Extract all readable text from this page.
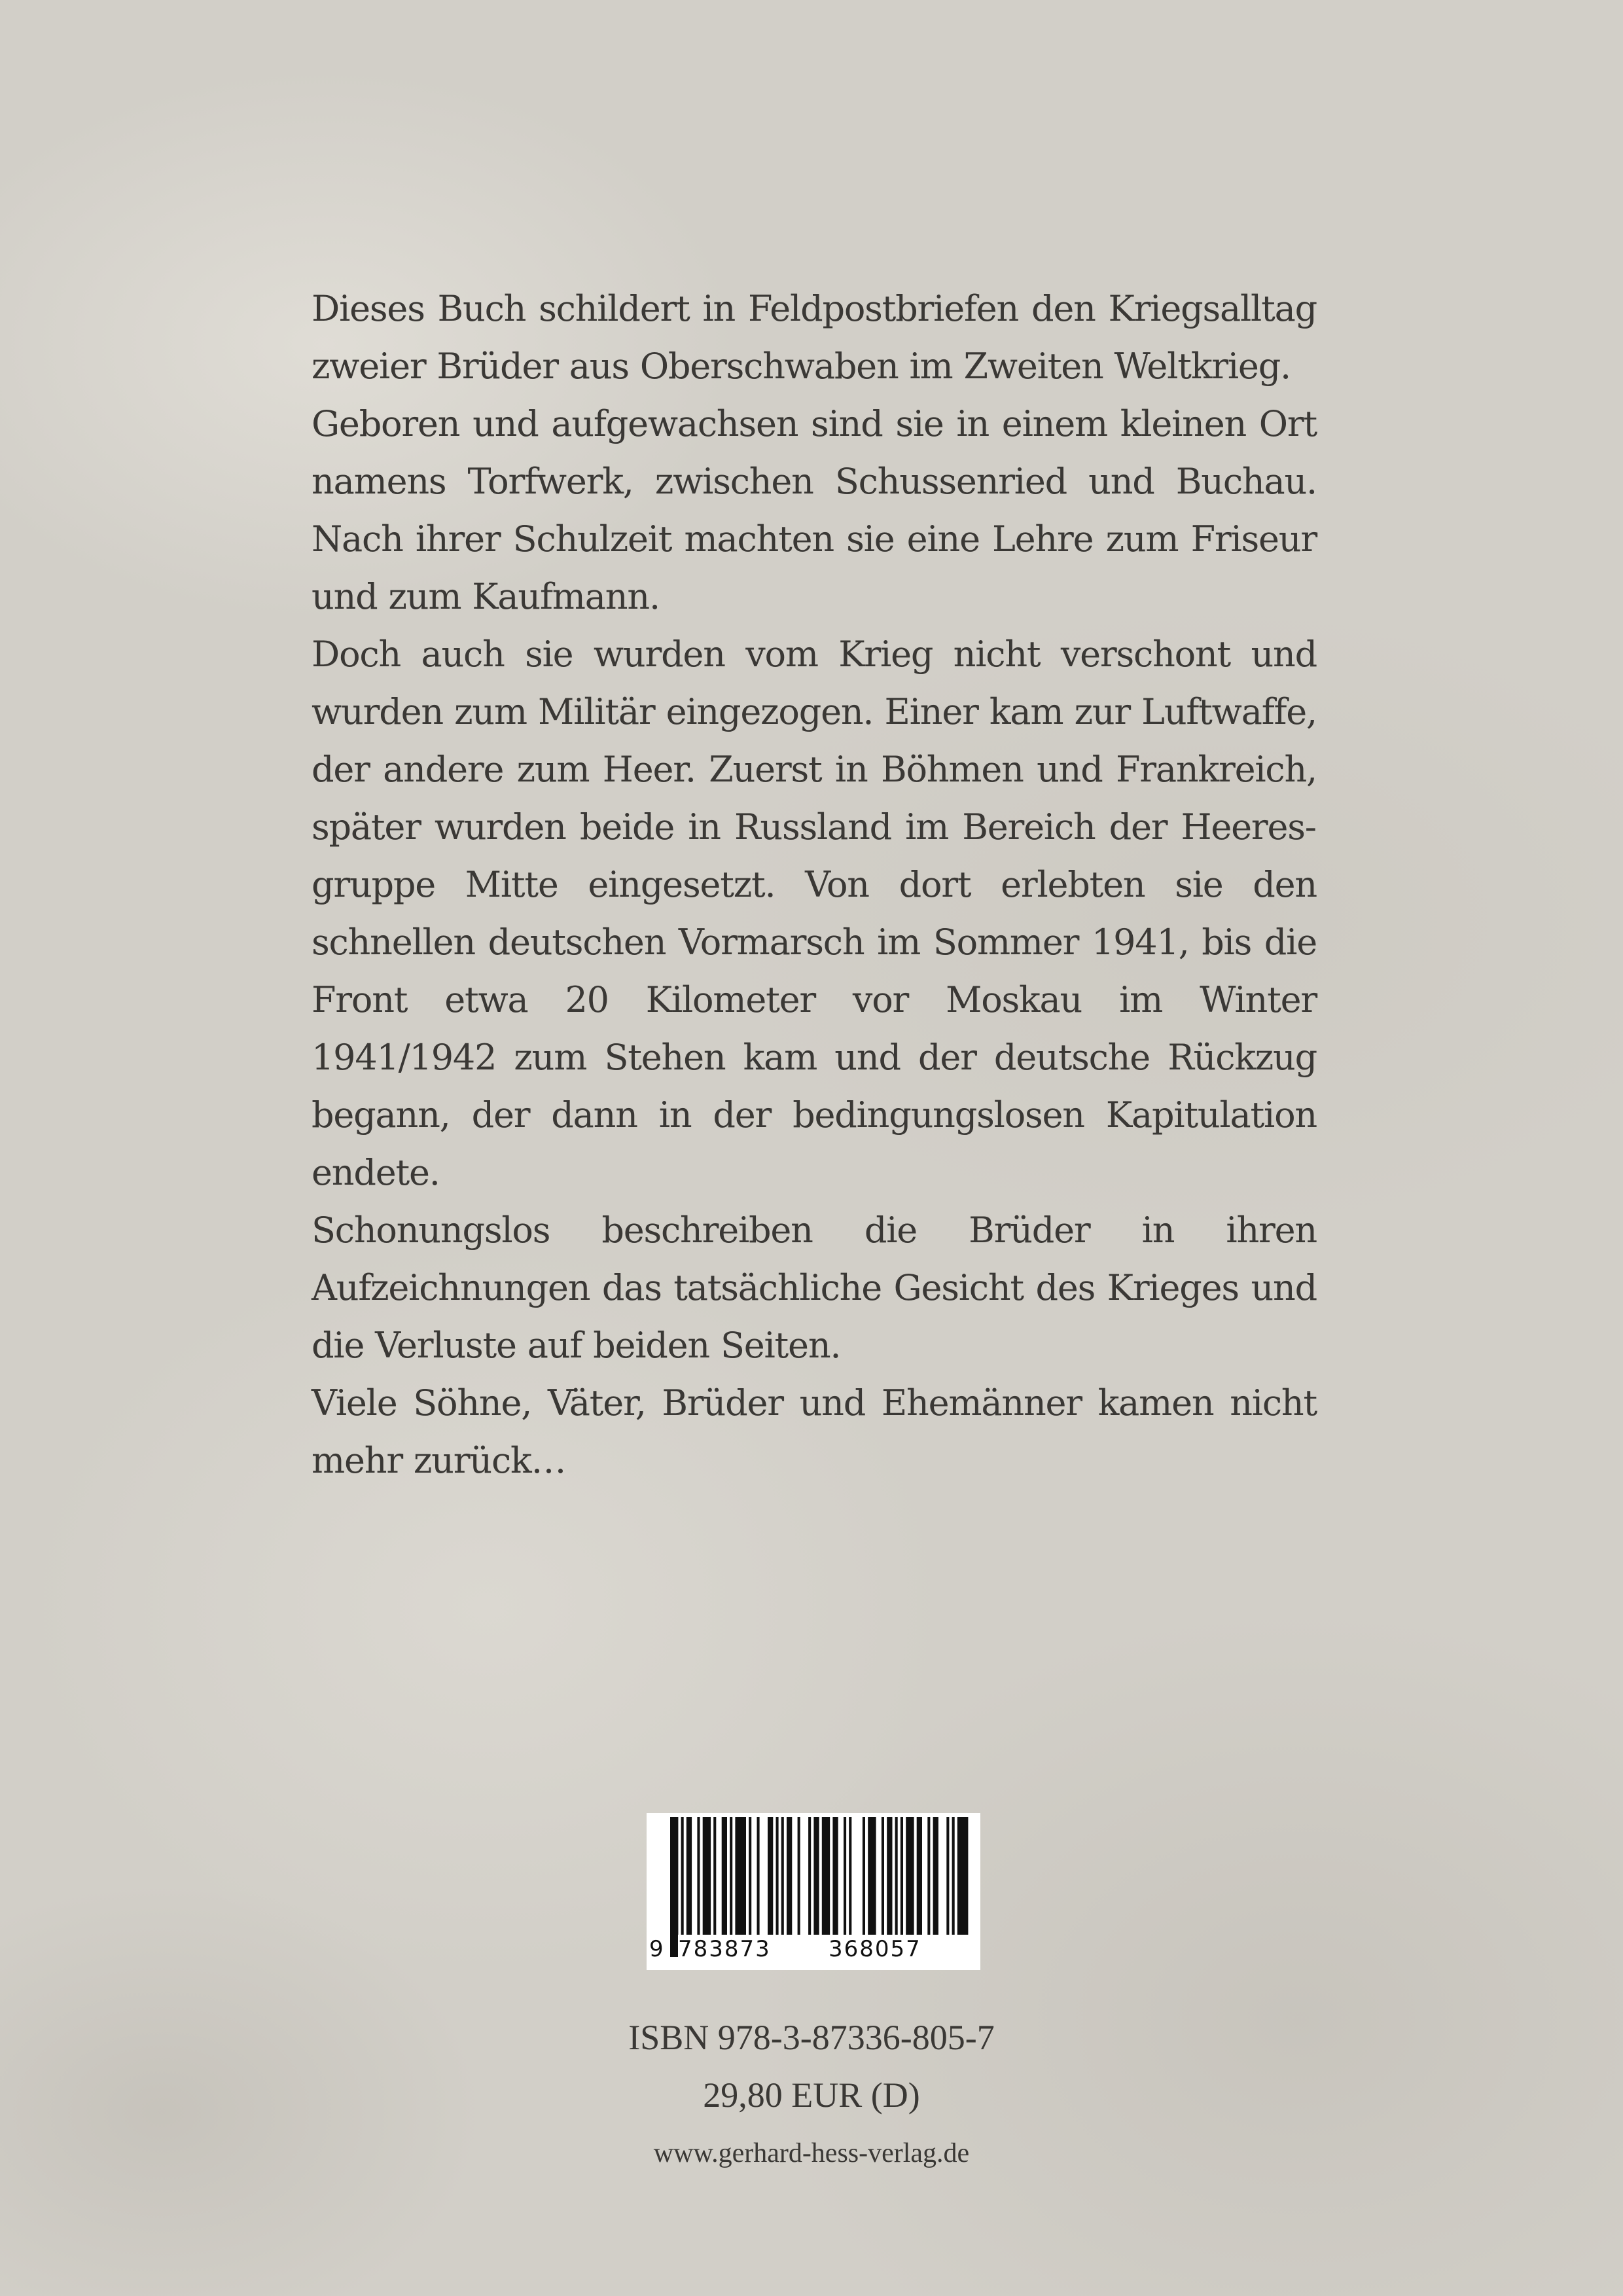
Dieses Buch schildert in Feldpostbriefen den Kriegsalltag zweier Brüder aus Oberschwaben im Zweiten Weltkrieg.

Geboren und aufgewachsen sind sie in einem kleinen Ort namens Torfwerk, zwischen Schussenried und Buchau. Nach ihrer Schulzeit machten sie eine Lehre zum Friseur und zum Kaufmann.

Doch auch sie wurden vom Krieg nicht verschont und wurden zum Militär eingezogen. Einer kam zur Luftwaffe, der andere zum Heer. Zuerst in Böhmen und Frankreich, später wurden beide in Russland im Bereich der Heeresgruppe Mitte eingesetzt. Von dort erlebten sie den schnellen deutschen Vormarsch im Sommer 1941, bis die Front etwa 20 Kilometer vor Moskau im Winter 1941/1942 zum Stehen kam und der deutsche Rückzug begann, der dann in der bedingungslosen Kapitulation endete.

Schonungslos beschreiben die Brüder in ihren Aufzeichnungen das tatsächliche Gesicht des Krieges und die Verluste auf beiden Seiten.

Viele Söhne, Väter, Brüder und Ehemänner kamen nicht mehr zurück…

9 783873	368057
ISBN 978-3-87336-805-7
29,80 EUR (D)
www.gerhard-hess-verlag.de
